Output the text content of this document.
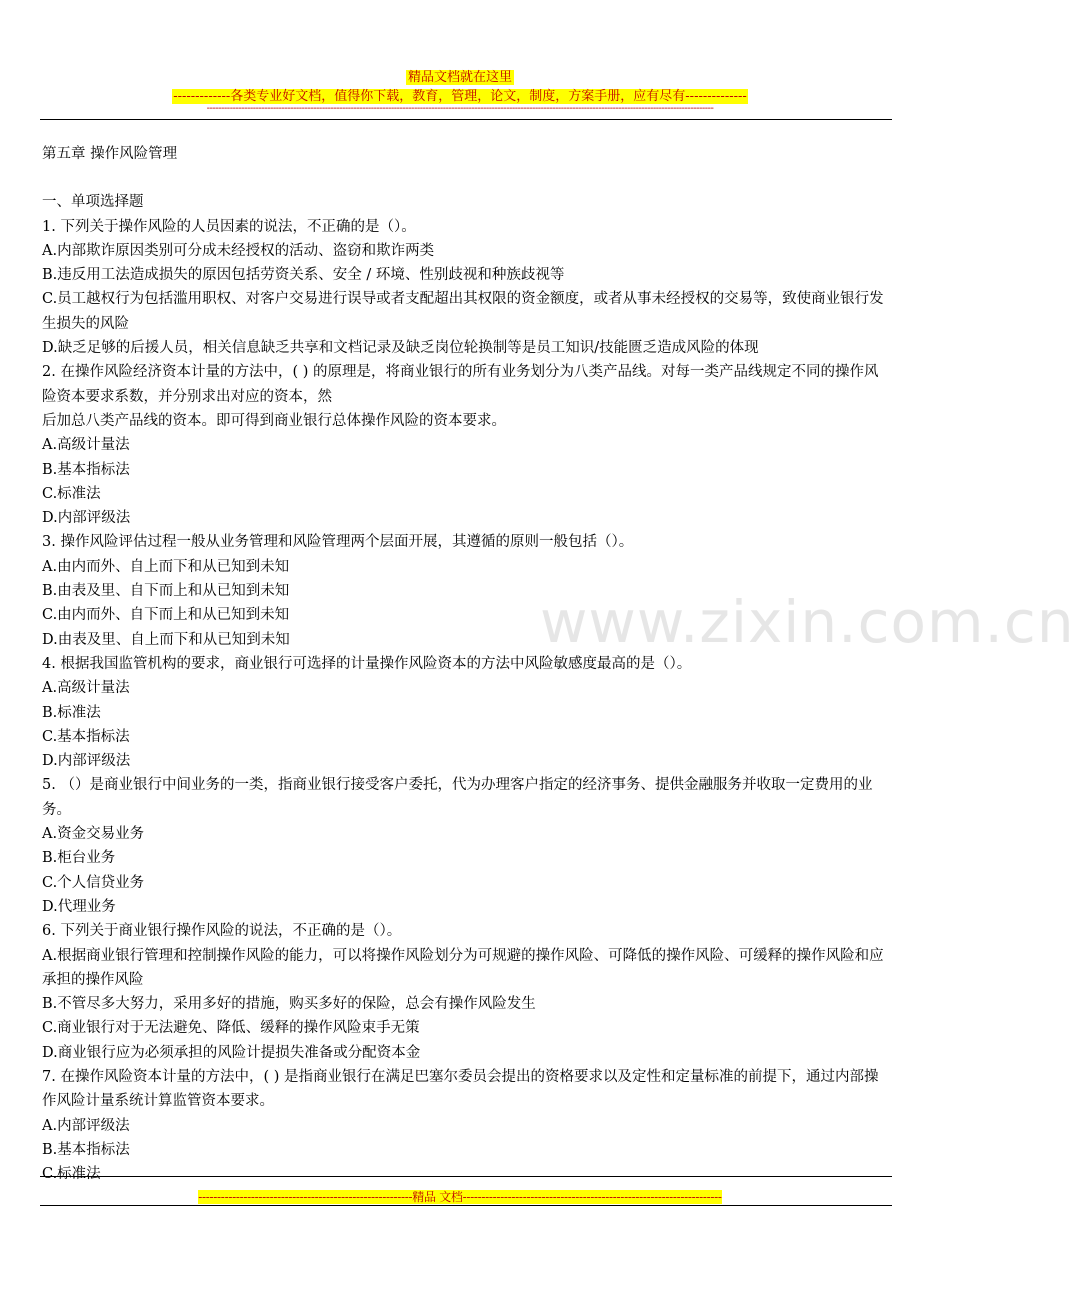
精品文档就在这里
-------------各类专业好文档，值得你下载，教育，管理，论文，制度，方案手册，应有尽有--------------
--------------------------------------------------------------------------------------------------------------------------------------------------------------------------------
www.zixin.com.cn

第五章 操作风险管理

一、单项选择题

1. 下列关于操作风险的人员因素的说法，不正确的是（）。

A.内部欺诈原因类别可分成未经授权的活动、盗窃和欺诈两类

B.违反用工法造成损失的原因包括劳资关系、安全 / 环境、性别歧视和种族歧视等

C.员工越权行为包括滥用职权、对客户交易进行误导或者支配超出其权限的资金额度，或者从事未经授权的交易等，致使商业银行发生损失的风险

D.缺乏足够的后援人员，相关信息缺乏共享和文档记录及缺乏岗位轮换制等是员工知识/技能匮乏造成风险的体现

2. 在操作风险经济资本计量的方法中，( ) 的原理是，将商业银行的所有业务划分为八类产品线。对每一类产品线规定不同的操作风险资本要求系数，并分别求出对应的资本，然

后加总八类产品线的资本。即可得到商业银行总体操作风险的资本要求。

A.高级计量法

B.基本指标法

C.标准法

D.内部评级法

3. 操作风险评估过程一般从业务管理和风险管理两个层面开展，其遵循的原则一般包括（）。

A.由内而外、自上而下和从已知到未知

B.由表及里、自下而上和从已知到未知

C.由内而外、自下而上和从已知到未知

D.由表及里、自上而下和从已知到未知

4. 根据我国监管机构的要求，商业银行可选择的计量操作风险资本的方法中风险敏感度最高的是（）。

A.高级计量法

B.标准法

C.基本指标法

D.内部评级法

5. （）是商业银行中间业务的一类，指商业银行接受客户委托，代为办理客户指定的经济事务、提供金融服务并收取一定费用的业务。

A.资金交易业务

B.柜台业务

C.个人信贷业务

D.代理业务

6. 下列关于商业银行操作风险的说法，不正确的是（）。

A.根据商业银行管理和控制操作风险的能力，可以将操作风险划分为可规避的操作风险、可降低的操作风险、可缓释的操作风险和应承担的操作风险

B.不管尽多大努力，采用多好的措施，购买多好的保险，总会有操作风险发生

C.商业银行对于无法避免、降低、缓释的操作风险束手无策

D.商业银行应为必须承担的风险计提损失准备或分配资本金

7. 在操作风险资本计量的方法中，( ) 是指商业银行在满足巴塞尔委员会提出的资格要求以及定性和定量标准的前提下，通过内部操作风险计量系统计算监管资本要求。

A.内部评级法

B.基本指标法

C.标准法

---------------------------------------------------------精品 文档---------------------------------------------------------------------
